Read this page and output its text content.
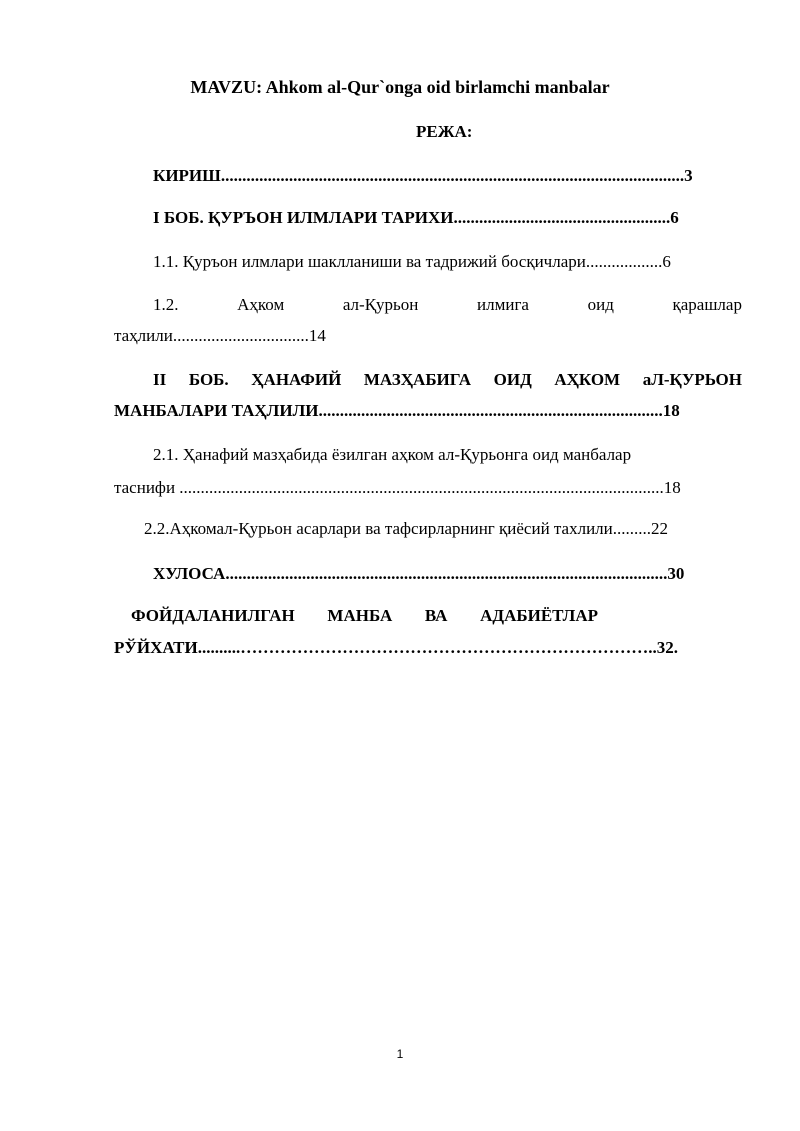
MAVZU: Ahkom al-Qur`onga oid birlamchi manbalar
РЕЖА:
КИРИШ.............................................................................................................3
I БОБ. ҚУРЪОН ИЛМЛАРИ ТАРИХИ...................................................6
1.1. Қуръон илмлари шаклланиши ва тадрижий босқичлари..................6
1.2.	Аҳком	ал-Қурьон	илмига	оид	қарашлар
таҳлили................................14
II БОБ. ҲАНАФИЙ МАЗҲАБИГА ОИД АҲКОМ аЛ-ҚУРЬОН
МАНБАЛАРИ ТАҲЛИЛИ.................................................................................18
2.1. Ҳанафий мазҳабида ёзилган аҳком ал-Қурьонга оид манбалар
таснифи ..................................................................................................................18
2.2.Аҳкомал-Қурьон асарлари ва тафсирларнинг қиёсий тахлили.........22
ХУЛОСА........................................................................................................30
ФОЙДАЛАНИЛГАН МАНБА ВА АДАБИЁТЛАР
РЎЙХАТИ..........………………………………………………………………..32.
1
